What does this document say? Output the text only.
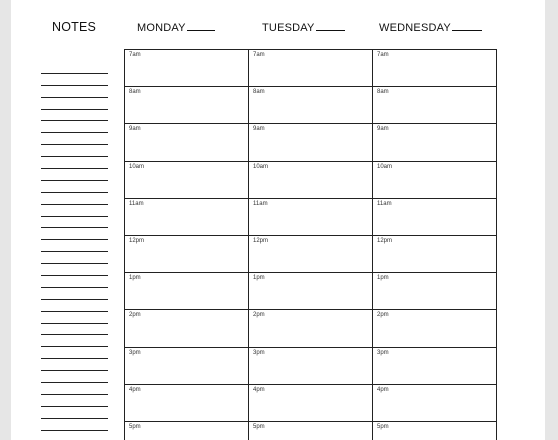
NOTES	MONDAY	TUESDAY	WEDNESDAY
7am	7am	7am
8am	8am	8am
9am	9am	9am
10am	10am	10am
11am	11am	11am
12pm	12pm	12pm
1pm	1pm	1pm
2pm	2pm	2pm
3pm	3pm	3pm
4pm	4pm	4pm
5pm	5pm	5pm
